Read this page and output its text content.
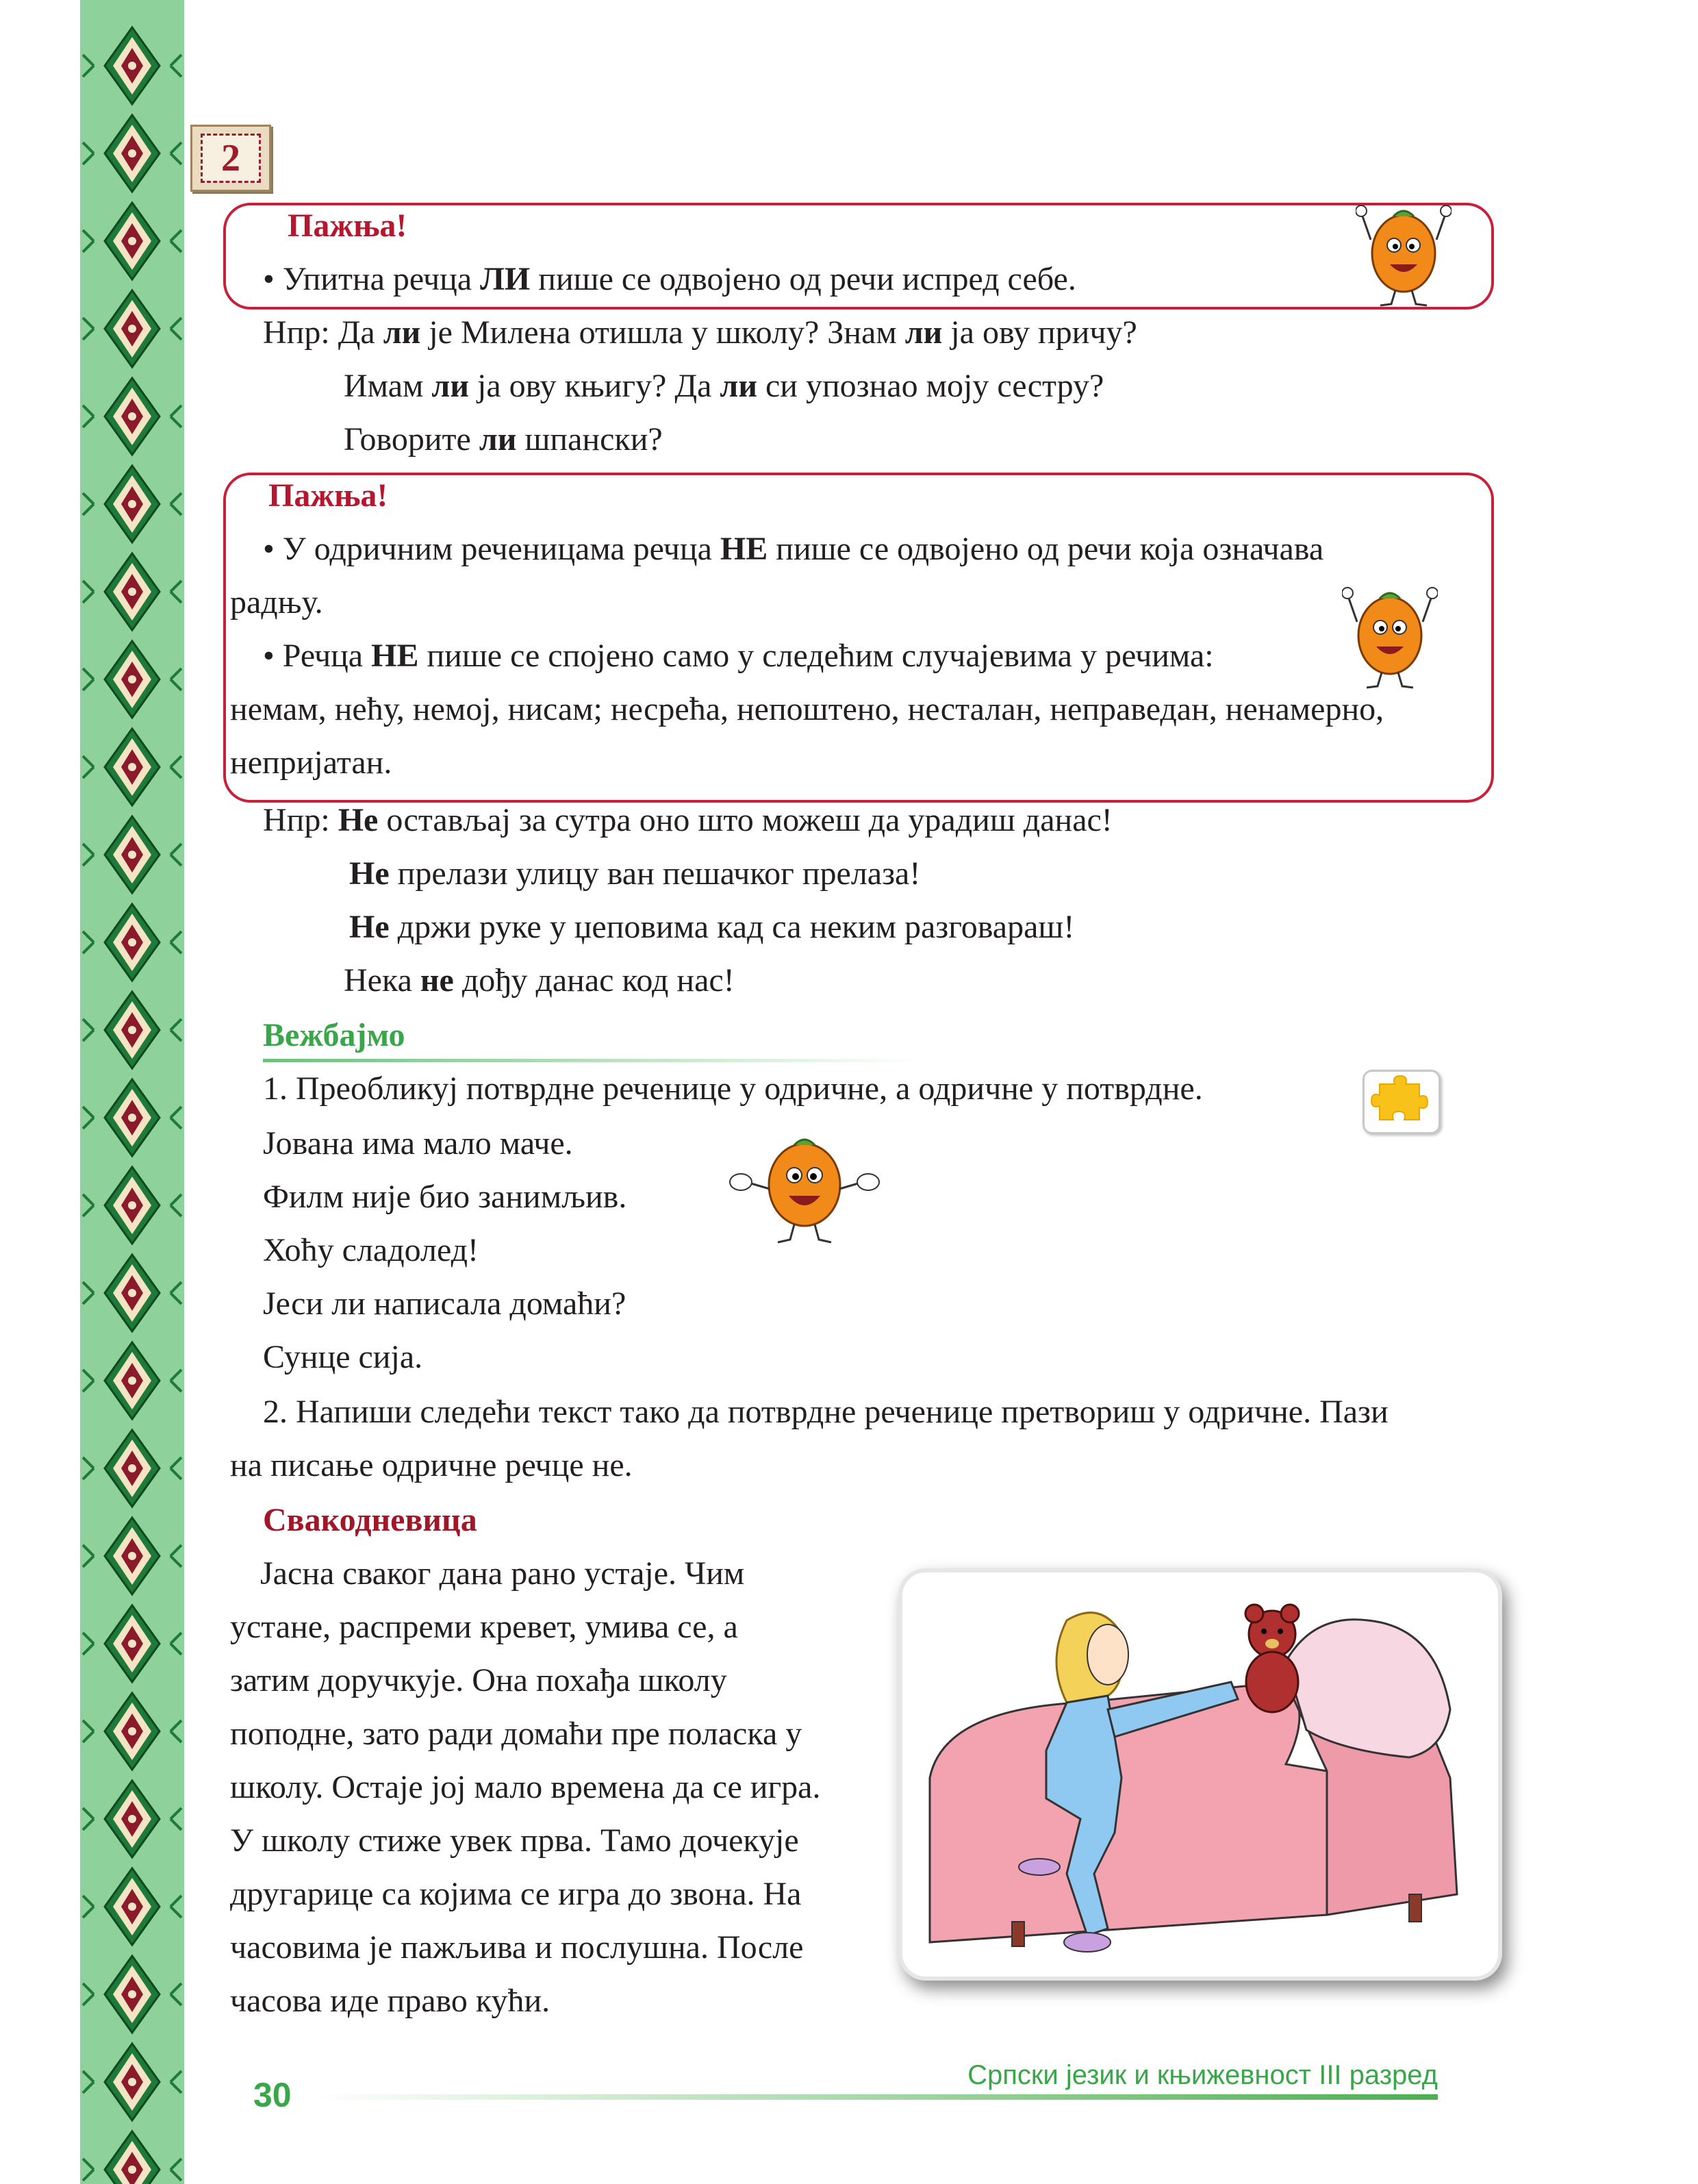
2
Пажња!
• Упитна речца ЛИ пише се одвојено од речи испред себе.
Нпр: Да ли је Милена отишла у школу? Знам ли ја ову причу?
Имам ли ја ову књигу? Да ли си упознао моју сестру?
Говорите ли шпански?
Пажња!
• У одричним реченицама речца НЕ пише се одвојено од речи која означава
радњу.
• Речца НЕ пише се спојено само у следећим случајевима у речима:
немам, нећу, немој, нисам; несрећа, непоштено, несталан, неправедан, ненамерно,
непријатан.
Нпр: Не остављај за сутра оно што можеш да урадиш данас!
Не прелази улицу ван пешачког прелаза!
Не држи руке у џеповима кад са неким разговараш!
Нека не дођу данас код нас!
Вежбајмо
1. Преобликуј потврдне реченице у одричне, а одричне у потврдне.
Јована има мало маче.
Филм није био занимљив.
Хоћу сладолед!
Јеси ли написала домаћи?
Сунце сија.
2. Напиши следећи текст тако да потврдне реченице претвориш у одричне. Пази
на писање одричне речце не.
Свакодневица
Јасна сваког дана рано устаје. Чим
устане, распреми кревет, умива се, а
затим доручкује. Она похађа школу
поподне, зато ради домаћи пре поласка у
школу. Остаје јој мало времена да се игра.
У школу стиже увек прва. Тамо дочекује
другарице са којима се игра до звона. На
часовима је пажљива и послушна. После
часова иде право кући.
30
Српски језик и књижевност III разред
